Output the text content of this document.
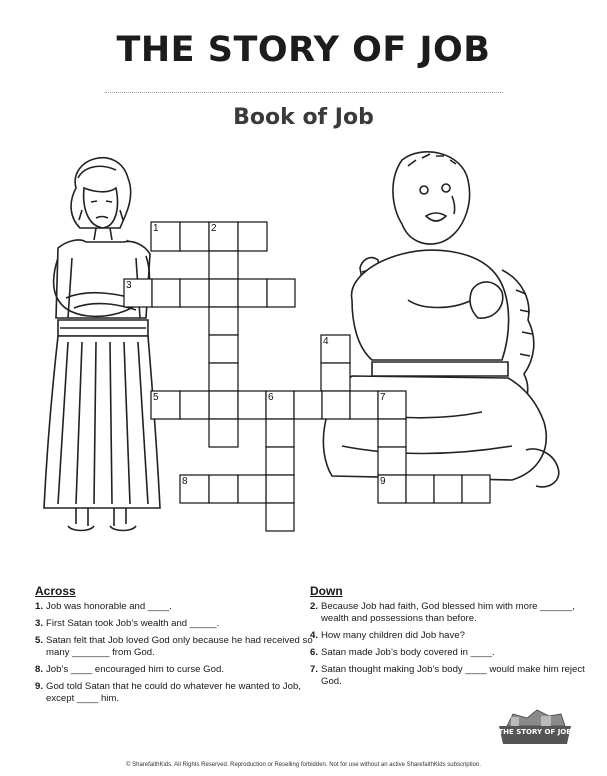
THE STORY OF JOB
Book of Job
1	2
3
4
5	6	7
8	9
Across
1 . Job was honorable and ____.
3 . First Satan took Job’s wealth and _____.
5 . Satan felt that Job loved God only because he had received so many _______ from God.
8 . Job’s ____ encouraged him to curse God.
9 . God told Satan that he could do whatever he wanted to Job, except ____ him.
Down
2 . Because Job had faith, God blessed him with more ______, wealth and possessions than before.
4 . How many children did Job have?
6 . Satan made Job’s body covered in ____.
7 . Satan thought making Job’s body ____ would make him reject God.
THE STORY OF JOB
© SharefaithKids. All Rights Reserved. Reproduction or Reselling forbidden. Not for use without an active SharefaithKids subscription.
